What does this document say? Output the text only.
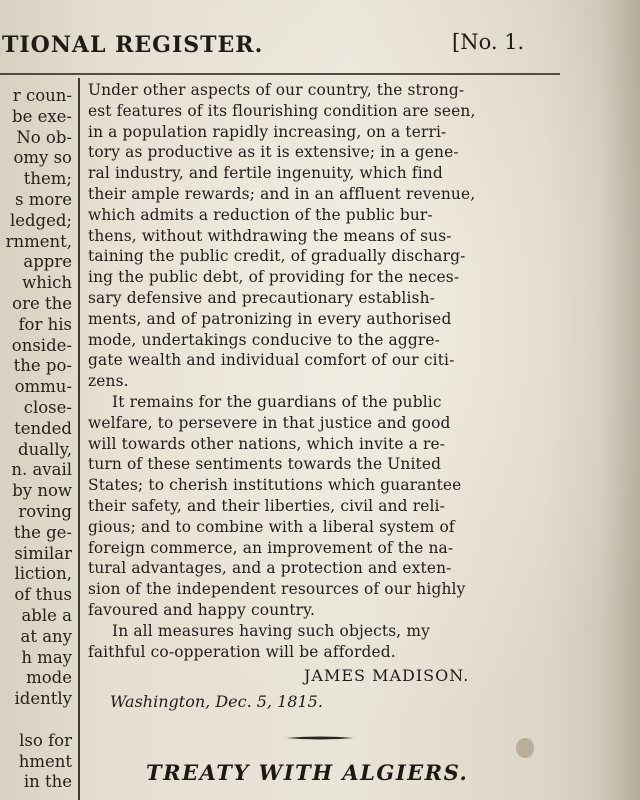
TIONAL REGISTER.	[No. 1.
r coun-
be exe-
No ob-
omy so
them;
s more
ledged;
rnment,
appre
which
ore the
for his
onside-
the po-
ommu-
close-
tended
dually,
n. avail
by now
roving
the ge-
similar
liction,
of thus
able a
at any
h may
mode
idently
lso for
hment
in the
Under other aspects of our country, the strong-
est features of its flourishing condition are seen,
in a population rapidly increasing, on a terri-
tory as productive as it is extensive; in a gene-
ral industry, and fertile ingenuity, which find
their ample rewards; and in an affluent revenue,
which admits a reduction of the public bur-
thens, without withdrawing the means of sus-
taining the public credit, of gradually discharg-
ing the public debt, of providing for the neces-
sary defensive and precautionary establish-
ments, and of patronizing in every authorised
mode, undertakings conducive to the aggre-
gate wealth and individual comfort of our citi-
zens.
It remains for the guardians of the public
welfare, to persevere in that justice and good
will towards other nations, which invite a re-
turn of these sentiments towards the United
States; to cherish institutions which guarantee
their safety, and their liberties, civil and reli-
gious; and to combine with a liberal system of
foreign commerce, an improvement of the na-
tural advantages, and a protection and exten-
sion of the independent resources of our highly
favoured and happy country.
In all measures having such objects, my
faithful co-opperation will be afforded.
JAMES MADISON.
Washington, Dec. 5, 1815.
TREATY WITH ALGIERS.
